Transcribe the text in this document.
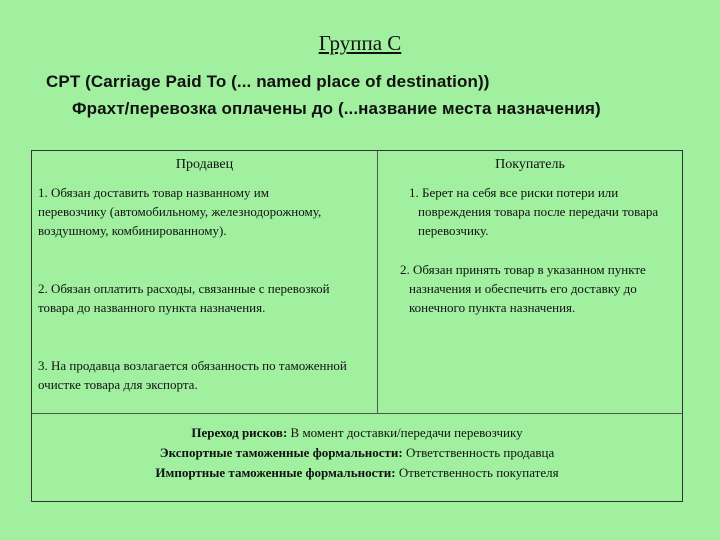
Группа С
CPT (Carriage Paid To (... named place of destination))
Фрахт/перевозка оплачены до (...название места назначения)
Продавец	Покупатель
1. Обязан доставить товар названному им перевозчику (автомобильному, железнодорожному, воздушному, комбинированному).
2. Обязан оплатить расходы, связанные с перевозкой товара до названного пункта назначения.
3. На продавца возлагается обязанность по таможенной очистке товара для экспорта.
1. Берет на себя все риски потери или повреждения товара после передачи товара перевозчику.
2. Обязан принять товар в указанном пункте назначения и обеспечить его доставку до конечного пункта назначения.
Переход рисков: В момент доставки/передачи перевозчику
Экспортные таможенные формальности: Ответственность продавца
Импортные таможенные формальности: Ответственность покупателя
